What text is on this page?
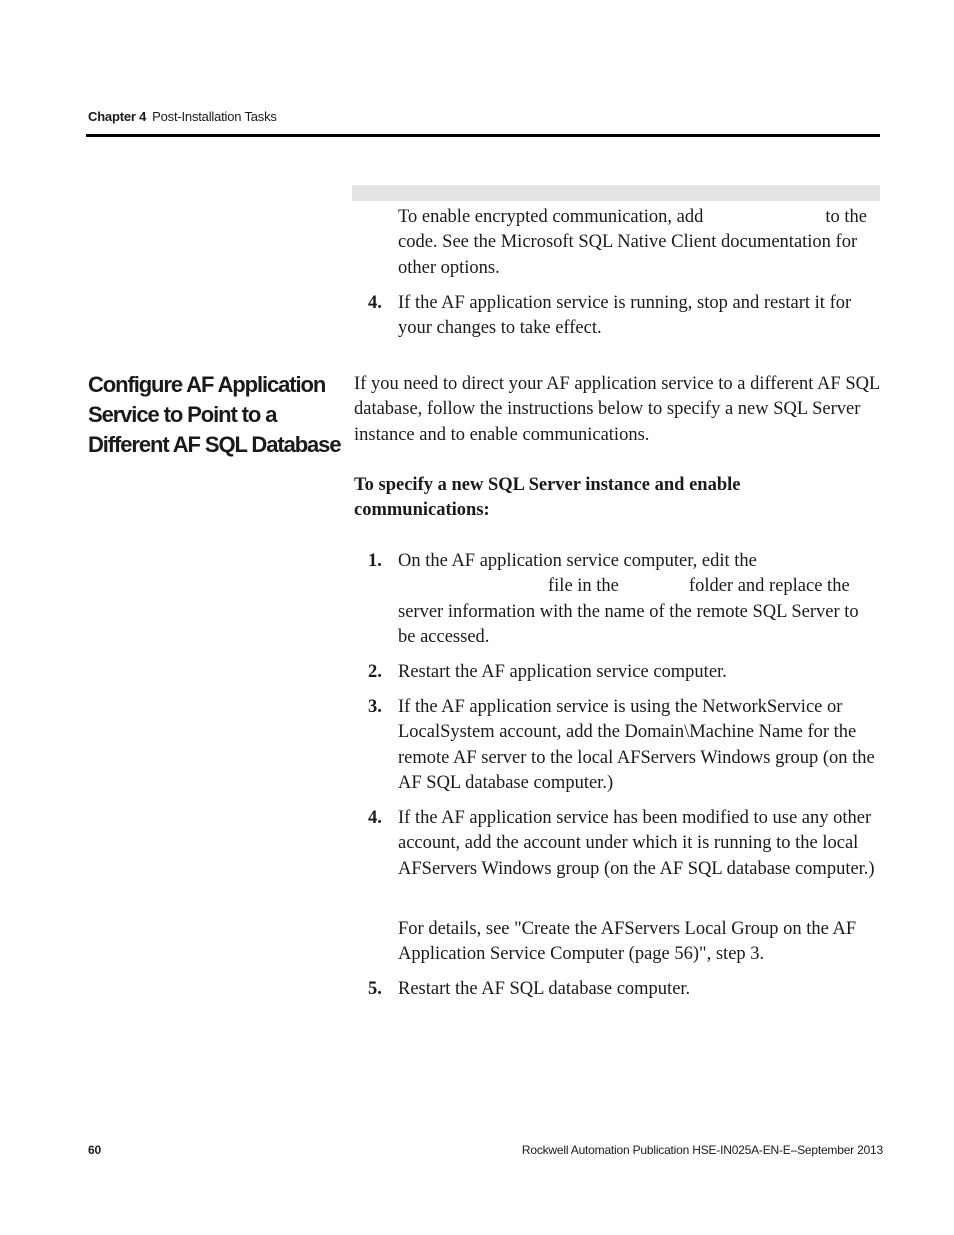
Chapter 4 Post-Installation Tasks

To enable encrypted communication, add	to the code. See the Microsoft SQL Native Client documentation for other options.

4. If the AF application service is running, stop and restart it for your changes to take effect.

Configure AF Application Service to Point to a Different AF SQL Database

If you need to direct your AF application service to a different AF SQL database, follow the instructions below to specify a new SQL Server instance and to enable communications.

To specify a new SQL Server instance and enable communications:

1. On the AF application service computer, edit thefile in the	folder and replace the server information with the name of the remote SQL Server to be accessed.

2. Restart the AF application service computer.

3. If the AF application service is using the NetworkService or LocalSystem account, add the Domain\Machine Name for the remote AF server to the local AFServers Windows group (on the AF SQL database computer.)

4. If the AF application service has been modified to use any other account, add the account under which it is running to the local AFServers Windows group (on the AF SQL database computer.)

For details, see "Create the AFServers Local Group on the AF Application Service Computer (page 56)", step 3.

5. Restart the AF SQL database computer.

60	Rockwell Automation Publication HSE-IN025A-EN-E–September 2013
